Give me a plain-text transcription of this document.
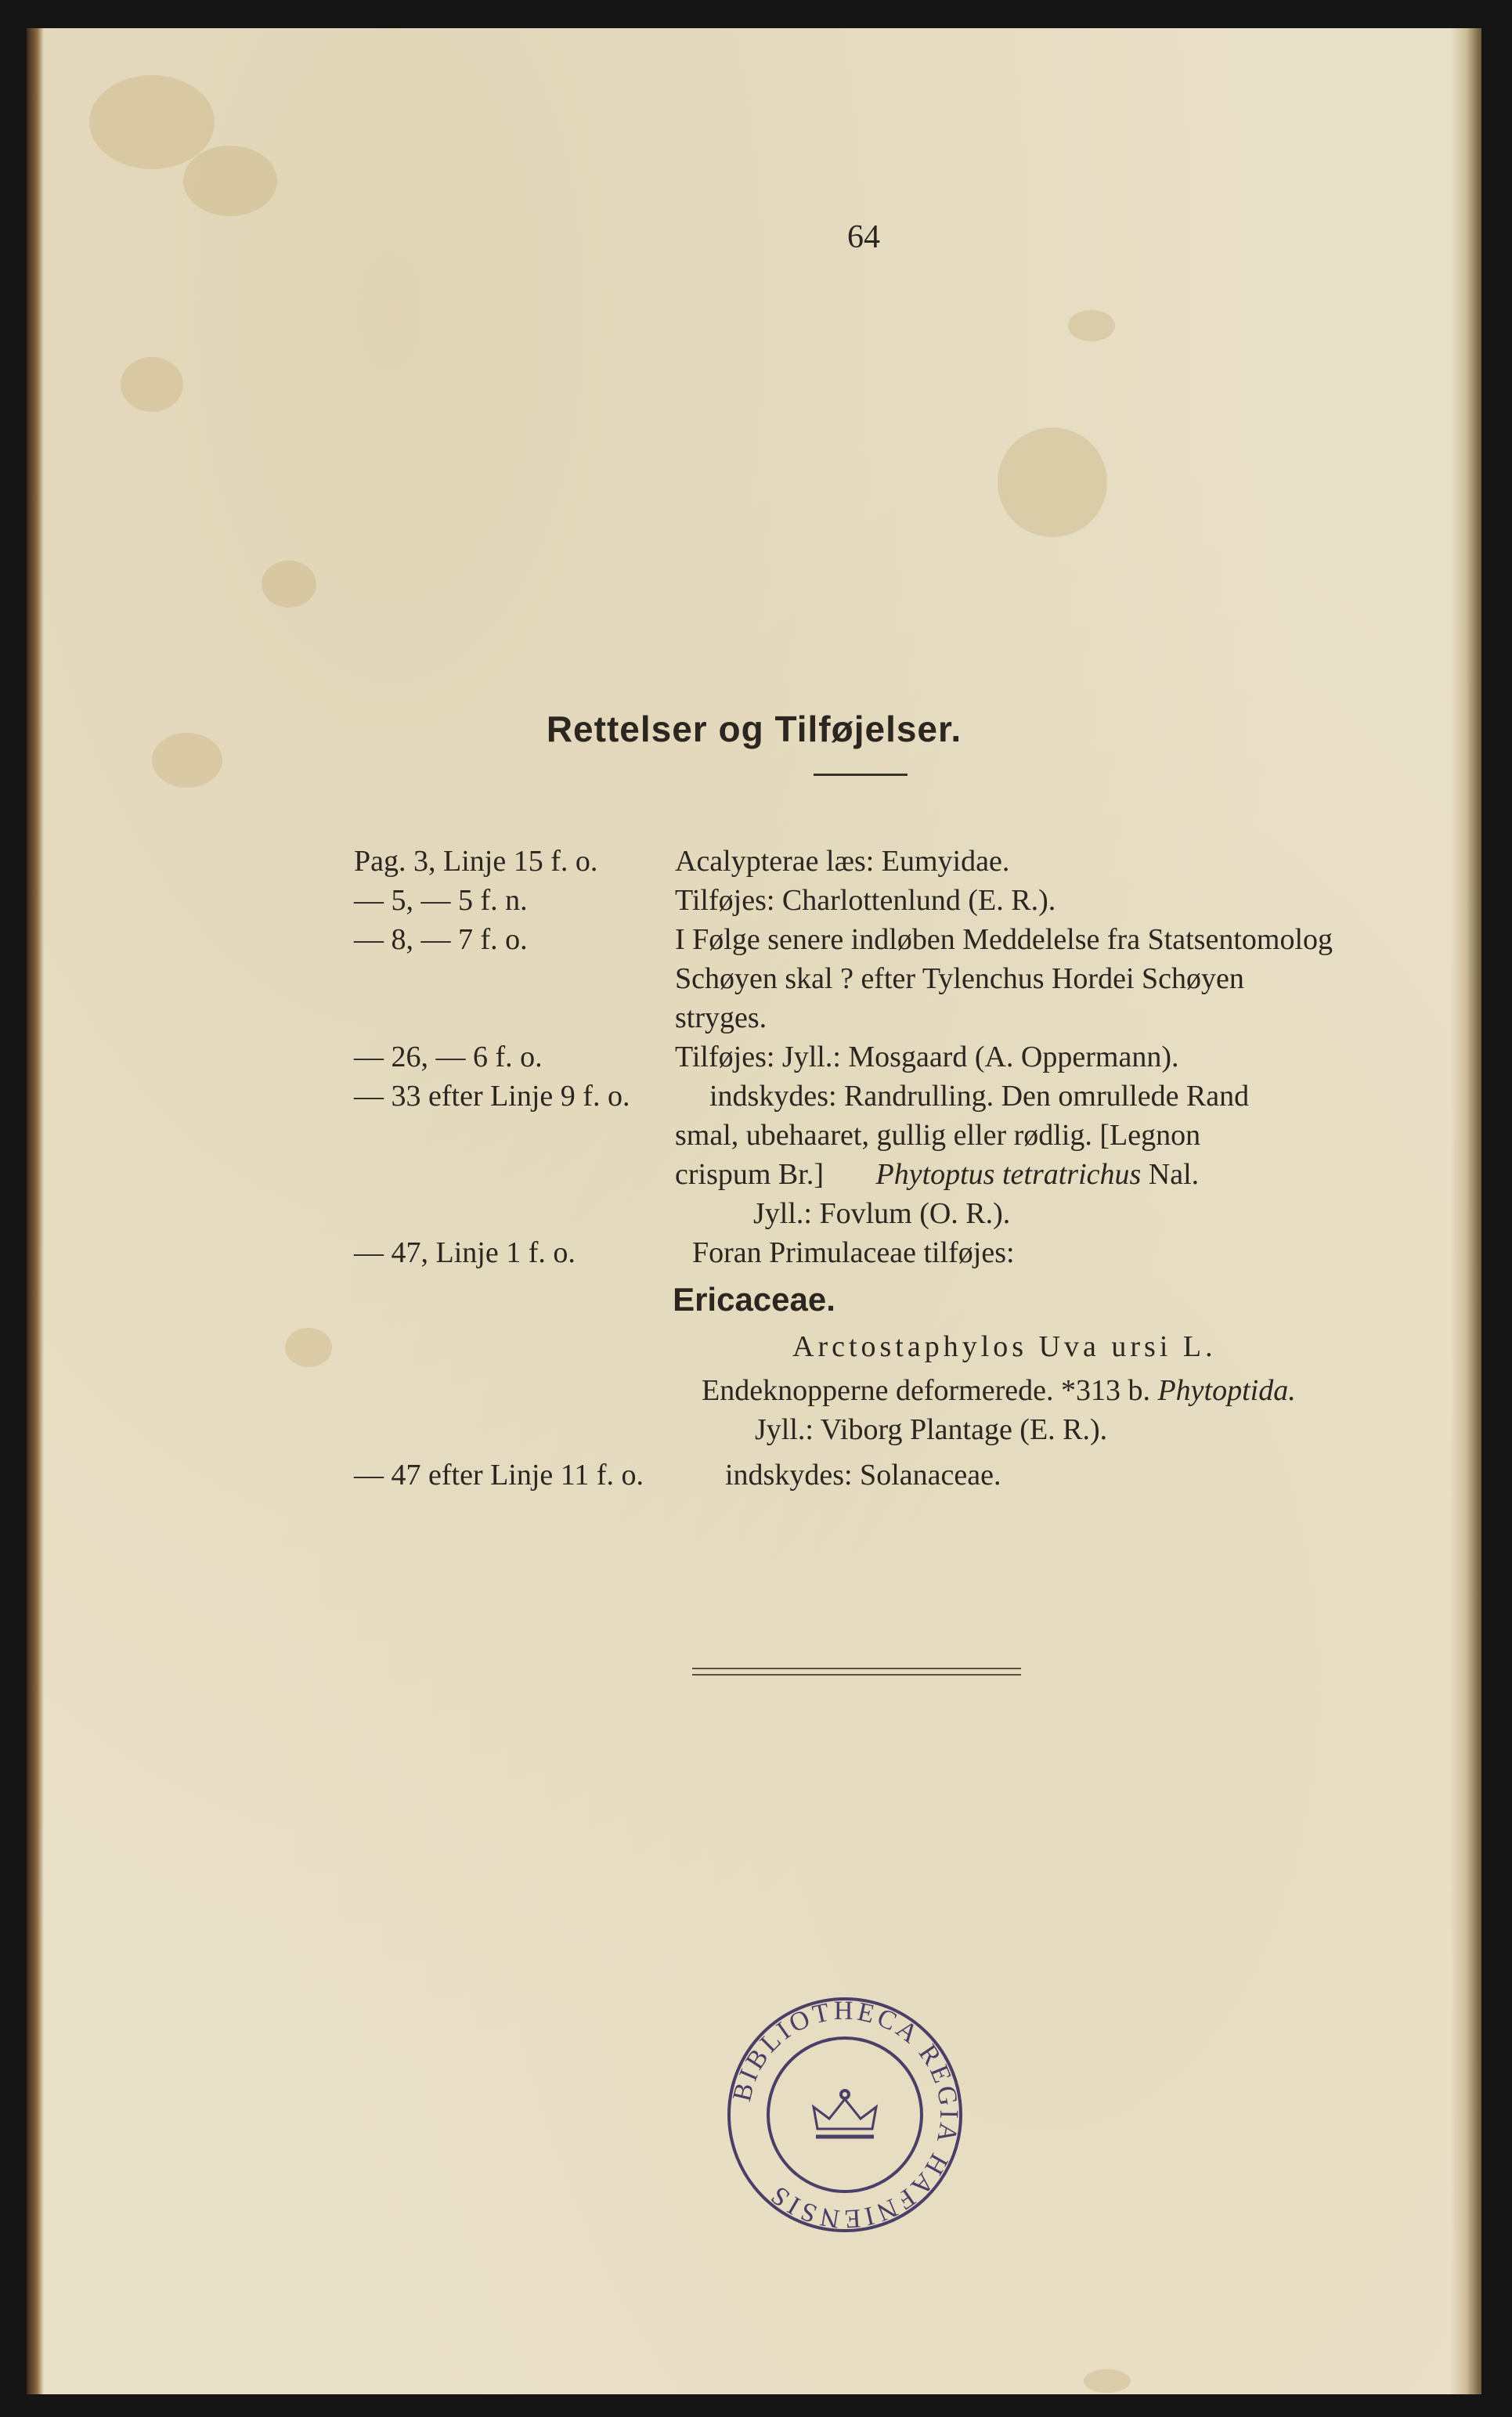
64
Rettelser og Tilføjelser.
Pag. 3, Linje 15 f. o.	Acalypterae læs: Eumyidae.
— 5, — 5 f. n.	Tilføjes: Charlottenlund (E. R.).
— 8, — 7 f. o.	I Følge senere indløben Meddelelse fra Statsentomolog
Schøyen skal ? efter Tylenchus Hordei Schøyen
stryges.
— 26, — 6 f. o.	Tilføjes: Jyll.: Mosgaard (A. Oppermann).
— 33 efter Linje 9 f. o.	indskydes: Randrulling. Den omrullede Rand
smal, ubehaaret, gullig eller rødlig. [Legnon
crispum Br.] Phytoptus tetratrichus Nal.
Jyll.: Fovlum (O. R.).
— 47, Linje 1 f. o.	Foran Primulaceae tilføjes:
Ericaceae.
Arctostaphylos Uva ursi L.
Endeknopperne deformerede. *313 b. Phytoptida.
Jyll.: Viborg Plantage (E. R.).
— 47 efter Linje 11 f. o.	indskydes: Solanaceae.
BIBLIOTHECA REGIA HAFNIENSIS
